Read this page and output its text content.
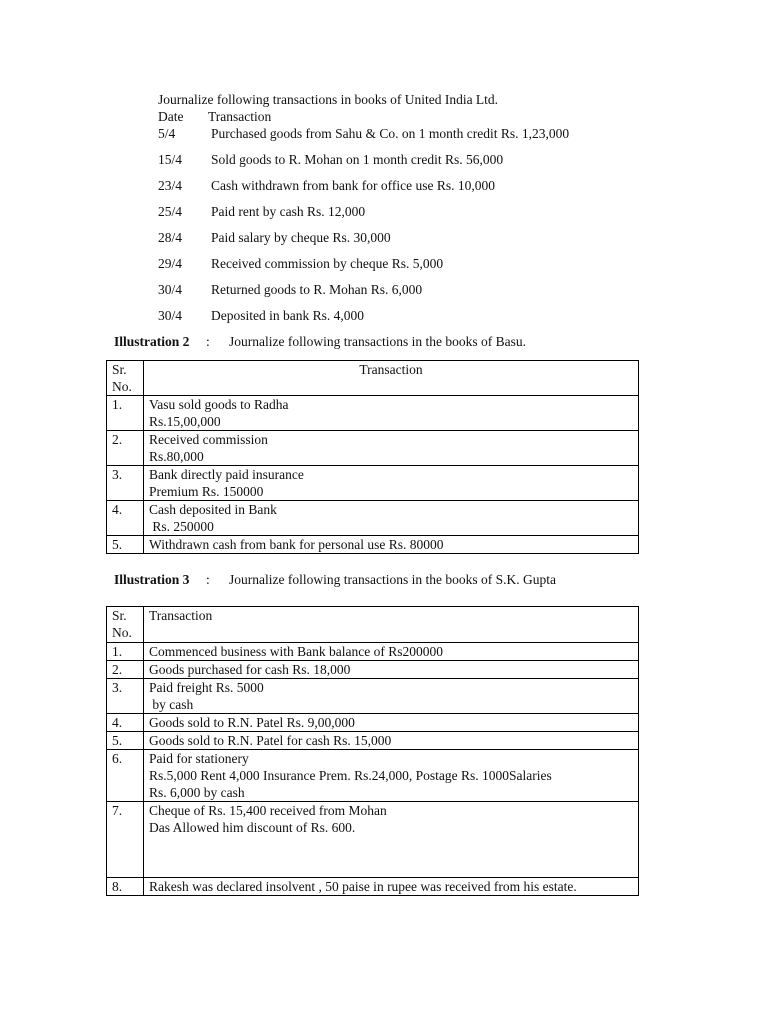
Journalize following transactions in books of United India Ltd.
Date Transaction
5/4	Purchased goods from Sahu & Co. on 1 month credit Rs. 1,23,000
15/4 Sold goods to R. Mohan on 1 month credit Rs. 56,000
23/4 Cash withdrawn from bank for office use Rs. 10,000
25/4 Paid rent by cash Rs. 12,000
28/4 Paid salary by cheque Rs. 30,000
29/4 Received commission by cheque Rs. 5,000
30/4 Returned goods to R. Mohan Rs. 6,000
30/4 Deposited in bank Rs. 4,000
Illustration 2 : Journalize following transactions in the books of Basu.
Sr.
No.	Transaction
1.	Vasu sold goods to Radha
Rs.15,00,000

2.	Received commission
Rs.80,000

3.	Bank directly paid insurance
Premium Rs. 150000

4.	Cash deposited in Bank
Rs. 250000

5.	Withdrawn cash from bank for personal use Rs. 80000
Illustration 3 : Journalize following transactions in the books of S.K. Gupta
Sr.
No.	Transaction
1.	Commenced business with Bank balance of Rs200000

2.	Goods purchased for cash Rs. 18,000

3.	Paid freight Rs. 5000
by cash

4.	Goods sold to R.N. Patel Rs. 9,00,000

5.	Goods sold to R.N. Patel for cash Rs. 15,000

6.	Paid for stationery
Rs.5,000 Rent 4,000 Insurance Prem. Rs.24,000, Postage Rs. 1000Salaries
Rs. 6,000 by cash

7.	Cheque of Rs. 15,400 received from Mohan
Das Allowed him discount of Rs. 600.

8.	Rakesh was declared insolvent , 50 paise in rupee was received from his estate.
